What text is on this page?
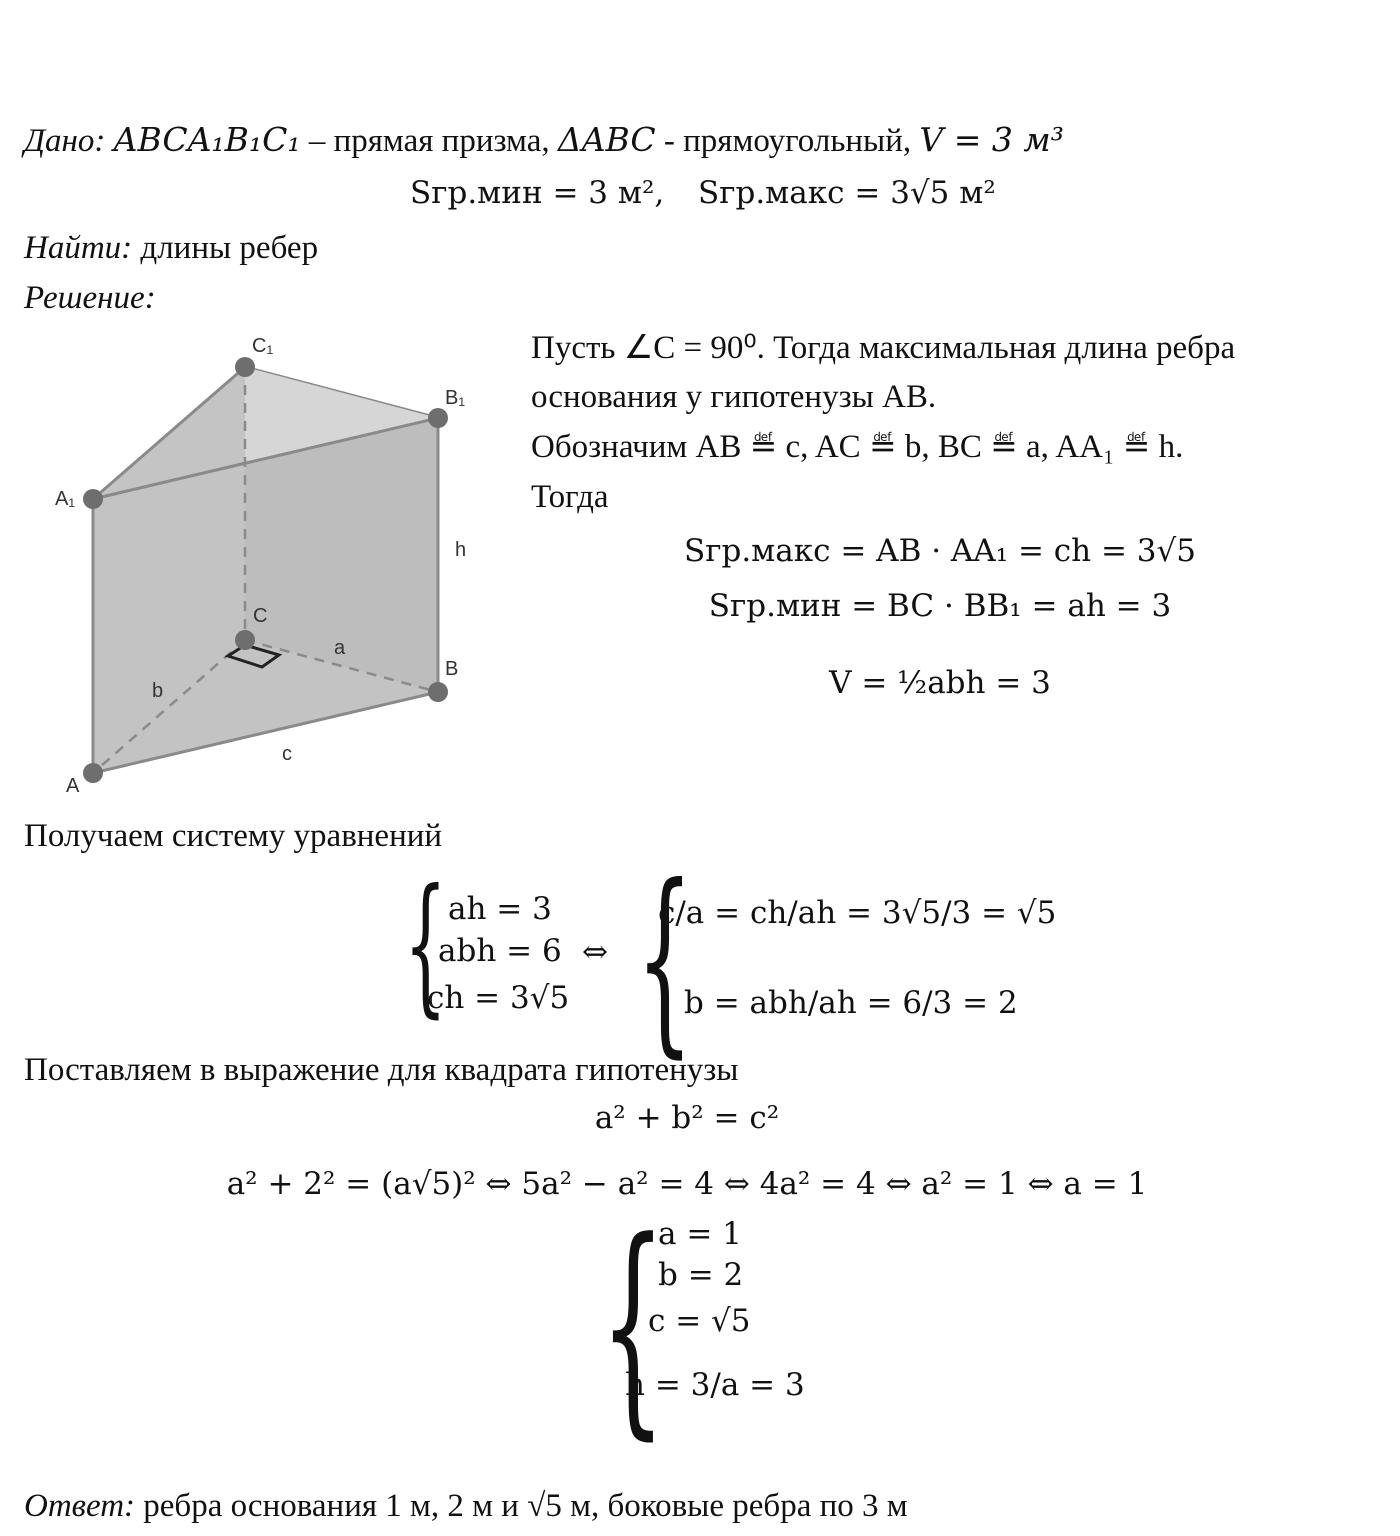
Дано: ABCA₁B₁C₁ – прямая призма, ΔABC - прямоугольный, V = 3 м³
Sгр.мин = 3 м², Sгр.макс = 3√5 м²
Найти: длины ребер
Решение:
C₁
B₁
A₁
C
B
A
h
a
b
c
Пусть ∠C = 90⁰. Тогда максимальная длина ребра
основания у гипотенузы AB.
Обозначим AB ≝ c, AC ≝ b, BC ≝ a, AA₁ ≝ h.
Тогда
Sгр.макс = AB · AA₁ = ch = 3√5
Sгр.мин = BC · BB₁ = ah = 3
V = ½abh = 3
Получаем систему уравнений
{ ah = 3
abh = 6
ch = 3√5
⇔ {
c/a = ch/ah = 3√5/3 = √5
b = abh/ah = 6/3 = 2
Поставляем в выражение для квадрата гипотенузы
a² + b² = c²
a² + 2² = (a√5)² ⇔ 5a² − a² = 4 ⇔ 4a² = 4 ⇔ a² = 1 ⇔ a = 1
{
a = 1
b = 2
c = √5
h = 3/a = 3
Ответ: ребра основания 1 м, 2 м и √5 м, боковые ребра по 3 м
